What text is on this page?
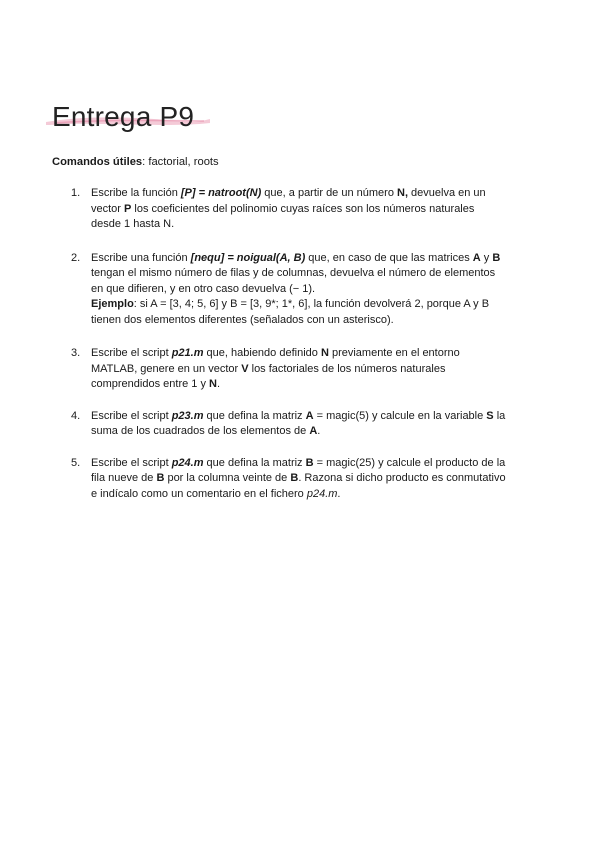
Entrega P9
Comandos útiles: factorial, roots
1. Escribe la función [P] = natroot(N) que, a partir de un número N, devuelva en un
vector P los coeficientes del polinomio cuyas raíces son los números naturales
desde 1 hasta N.
2. Escribe una función [nequ] = noigual(A, B) que, en caso de que las matrices A y B
tengan el mismo número de filas y de columnas, devuelva el número de elementos
en que difieren, y en otro caso devuelva (− 1).
Ejemplo: si A = [3, 4; 5, 6] y B = [3, 9*; 1*, 6], la función devolverá 2, porque A y B
tienen dos elementos diferentes (señalados con un asterisco).
3. Escribe el script p21.m que, habiendo definido N previamente en el entorno
MATLAB, genere en un vector V los factoriales de los números naturales
comprendidos entre 1 y N.
4. Escribe el script p23.m que defina la matriz A = magic(5) y calcule en la variable S la
suma de los cuadrados de los elementos de A.
5. Escribe el script p24.m que defina la matriz B = magic(25) y calcule el producto de la
fila nueve de B por la columna veinte de B. Razona si dicho producto es conmutativo
e indícalo como un comentario en el fichero p24.m.
